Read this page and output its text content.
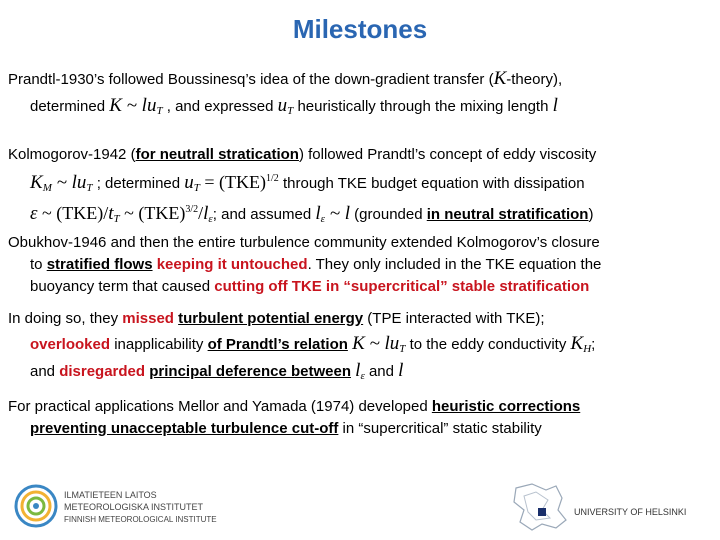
Milestones
Prandtl-1930’s followed Boussinesq’s idea of the down-gradient transfer (K-theory),
determined K ~ $lu_T$ , and expressed $u_T$ heuristically through the mixing length l
Kolmogorov-1942 (for neutrall stratication) followed Prandtl’s concept of eddy viscosity
$K_M$ ~ $lu_T$ ; determined $u_T = (TKE)^{1/2}$ through TKE budget equation with dissipation
ε ~ $(TKE)/t_T$ ~ $(TKE)^{3/2}/l_\varepsilon$; and assumed $l_\varepsilon$ ~ l (grounded in neutral stratification)
Obukhov-1946 and then the entire turbulence community extended Kolmogorov’s closure
to stratified flows keeping it untouched. They only included in the TKE equation the
buoyancy term that caused cutting off TKE in “supercritical” stable stratification
In doing so, they missed turbulent potential energy (TPE interacted with TKE);
overlooked inapplicability of Prandtl’s relation K ~ $lu_T$ to the eddy conductivity $K_H$;
and disregarded principal deference between $l_\varepsilon$ and l
For practical applications Mellor and Yamada (1974) developed heuristic corrections
preventing unacceptable turbulence cut-off in “supercritical” static stability
ILMATIETEEN LAITOS
METEOROLOGISKA INSTITUTET
FINNISH METEOROLOGICAL INSTITUTE
UNIVERSITY OF HELSINKI
